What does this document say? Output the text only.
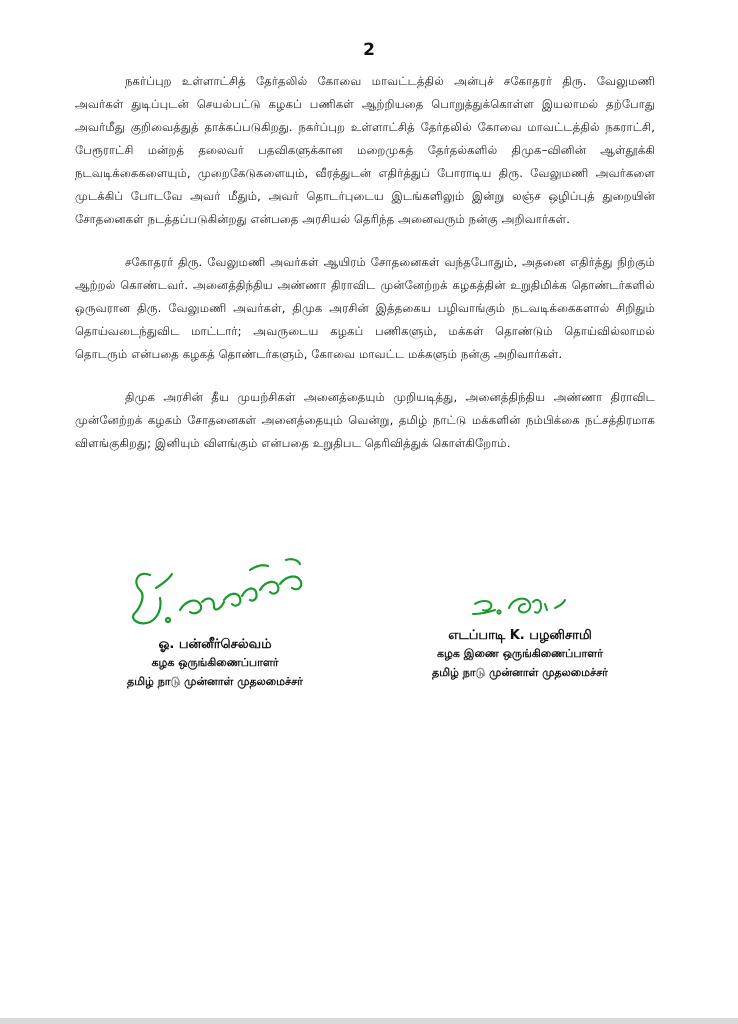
2

நகர்ப்புற உள்ளாட்சித் தேர்தலில் கோவை மாவட்டத்தில் அன்புச் சகோதரர் திரு. வேலுமணி அவர்கள் துடிப்புடன் செயல்பட்டு கழகப் பணிகள் ஆற்றியதை பொறுத்துக்கொள்ள இயலாமல் தற்போது அவர்மீது குறிவைத்துத் தாக்கப்படுகிறது. நகர்ப்புற உள்ளாட்சித் தேர்தலில் கோவை மாவட்டத்தில் நகராட்சி, பேரூராட்சி மன்றத் தலைவர் பதவிகளுக்கான மறைமுகத் தேர்தல்களில் திமுக–வினின் ஆள்தூக்கி நடவடிக்கைகளையும், முறைகேடுகளையும், வீரத்துடன் எதிர்த்துப் போராடிய திரு. வேலுமணி அவர்களை முடக்கிப் போடவே அவர் மீதும், அவர் தொடர்புடைய இடங்களிலும் இன்று லஞ்ச ஒழிப்புத் துறையின் சோதனைகள் நடத்தப்படுகின்றது என்பதை அரசியல் தெரிந்த அனைவரும் நன்கு அறிவார்கள்.

சகோதரர் திரு. வேலுமணி அவர்கள் ஆயிரம் சோதனைகள் வந்தபோதும், அதனை எதிர்த்து நிற்கும் ஆற்றல் கொண்டவர். அனைத்திந்திய அண்ணா திராவிட முன்னேற்றக் கழகத்தின் உறுதிமிக்க தொண்டர்களில் ஒருவரான திரு. வேலுமணி அவர்கள், திமுக அரசின் இத்தகைய பழிவாங்கும் நடவடிக்கைகளால் சிறிதும் தொய்வடைந்துவிட மாட்டார்; அவருடைய கழகப் பணிகளும், மக்கள் தொண்டும் தொய்வில்லாமல் தொடரும் என்பதை கழகத் தொண்டர்களும், கோவை மாவட்ட மக்களும் நன்கு அறிவார்கள்.

திமுக அரசின் தீய முயற்சிகள் அனைத்தையும் முறியடித்து, அனைத்திந்திய அண்ணா திராவிட முன்னேற்றக் கழகம் சோதனைகள் அனைத்தையும் வென்று, தமிழ் நாட்டு மக்களின் நம்பிக்கை நட்சத்திரமாக விளங்குகிறது; இனியும் விளங்கும் என்பதை உறுதிபட தெரிவித்துக் கொள்கிறோம்.

ஓ. பன்னீர்செல்வம்
கழக ஒருங்கிணைப்பாளர்
தமிழ் நாடு முன்னாள் முதலமைச்சர்
எடப்பாடி K. பழனிசாமி
கழக இணை ஒருங்கிணைப்பாளர்
தமிழ் நாடு முன்னாள் முதலமைச்சர்
